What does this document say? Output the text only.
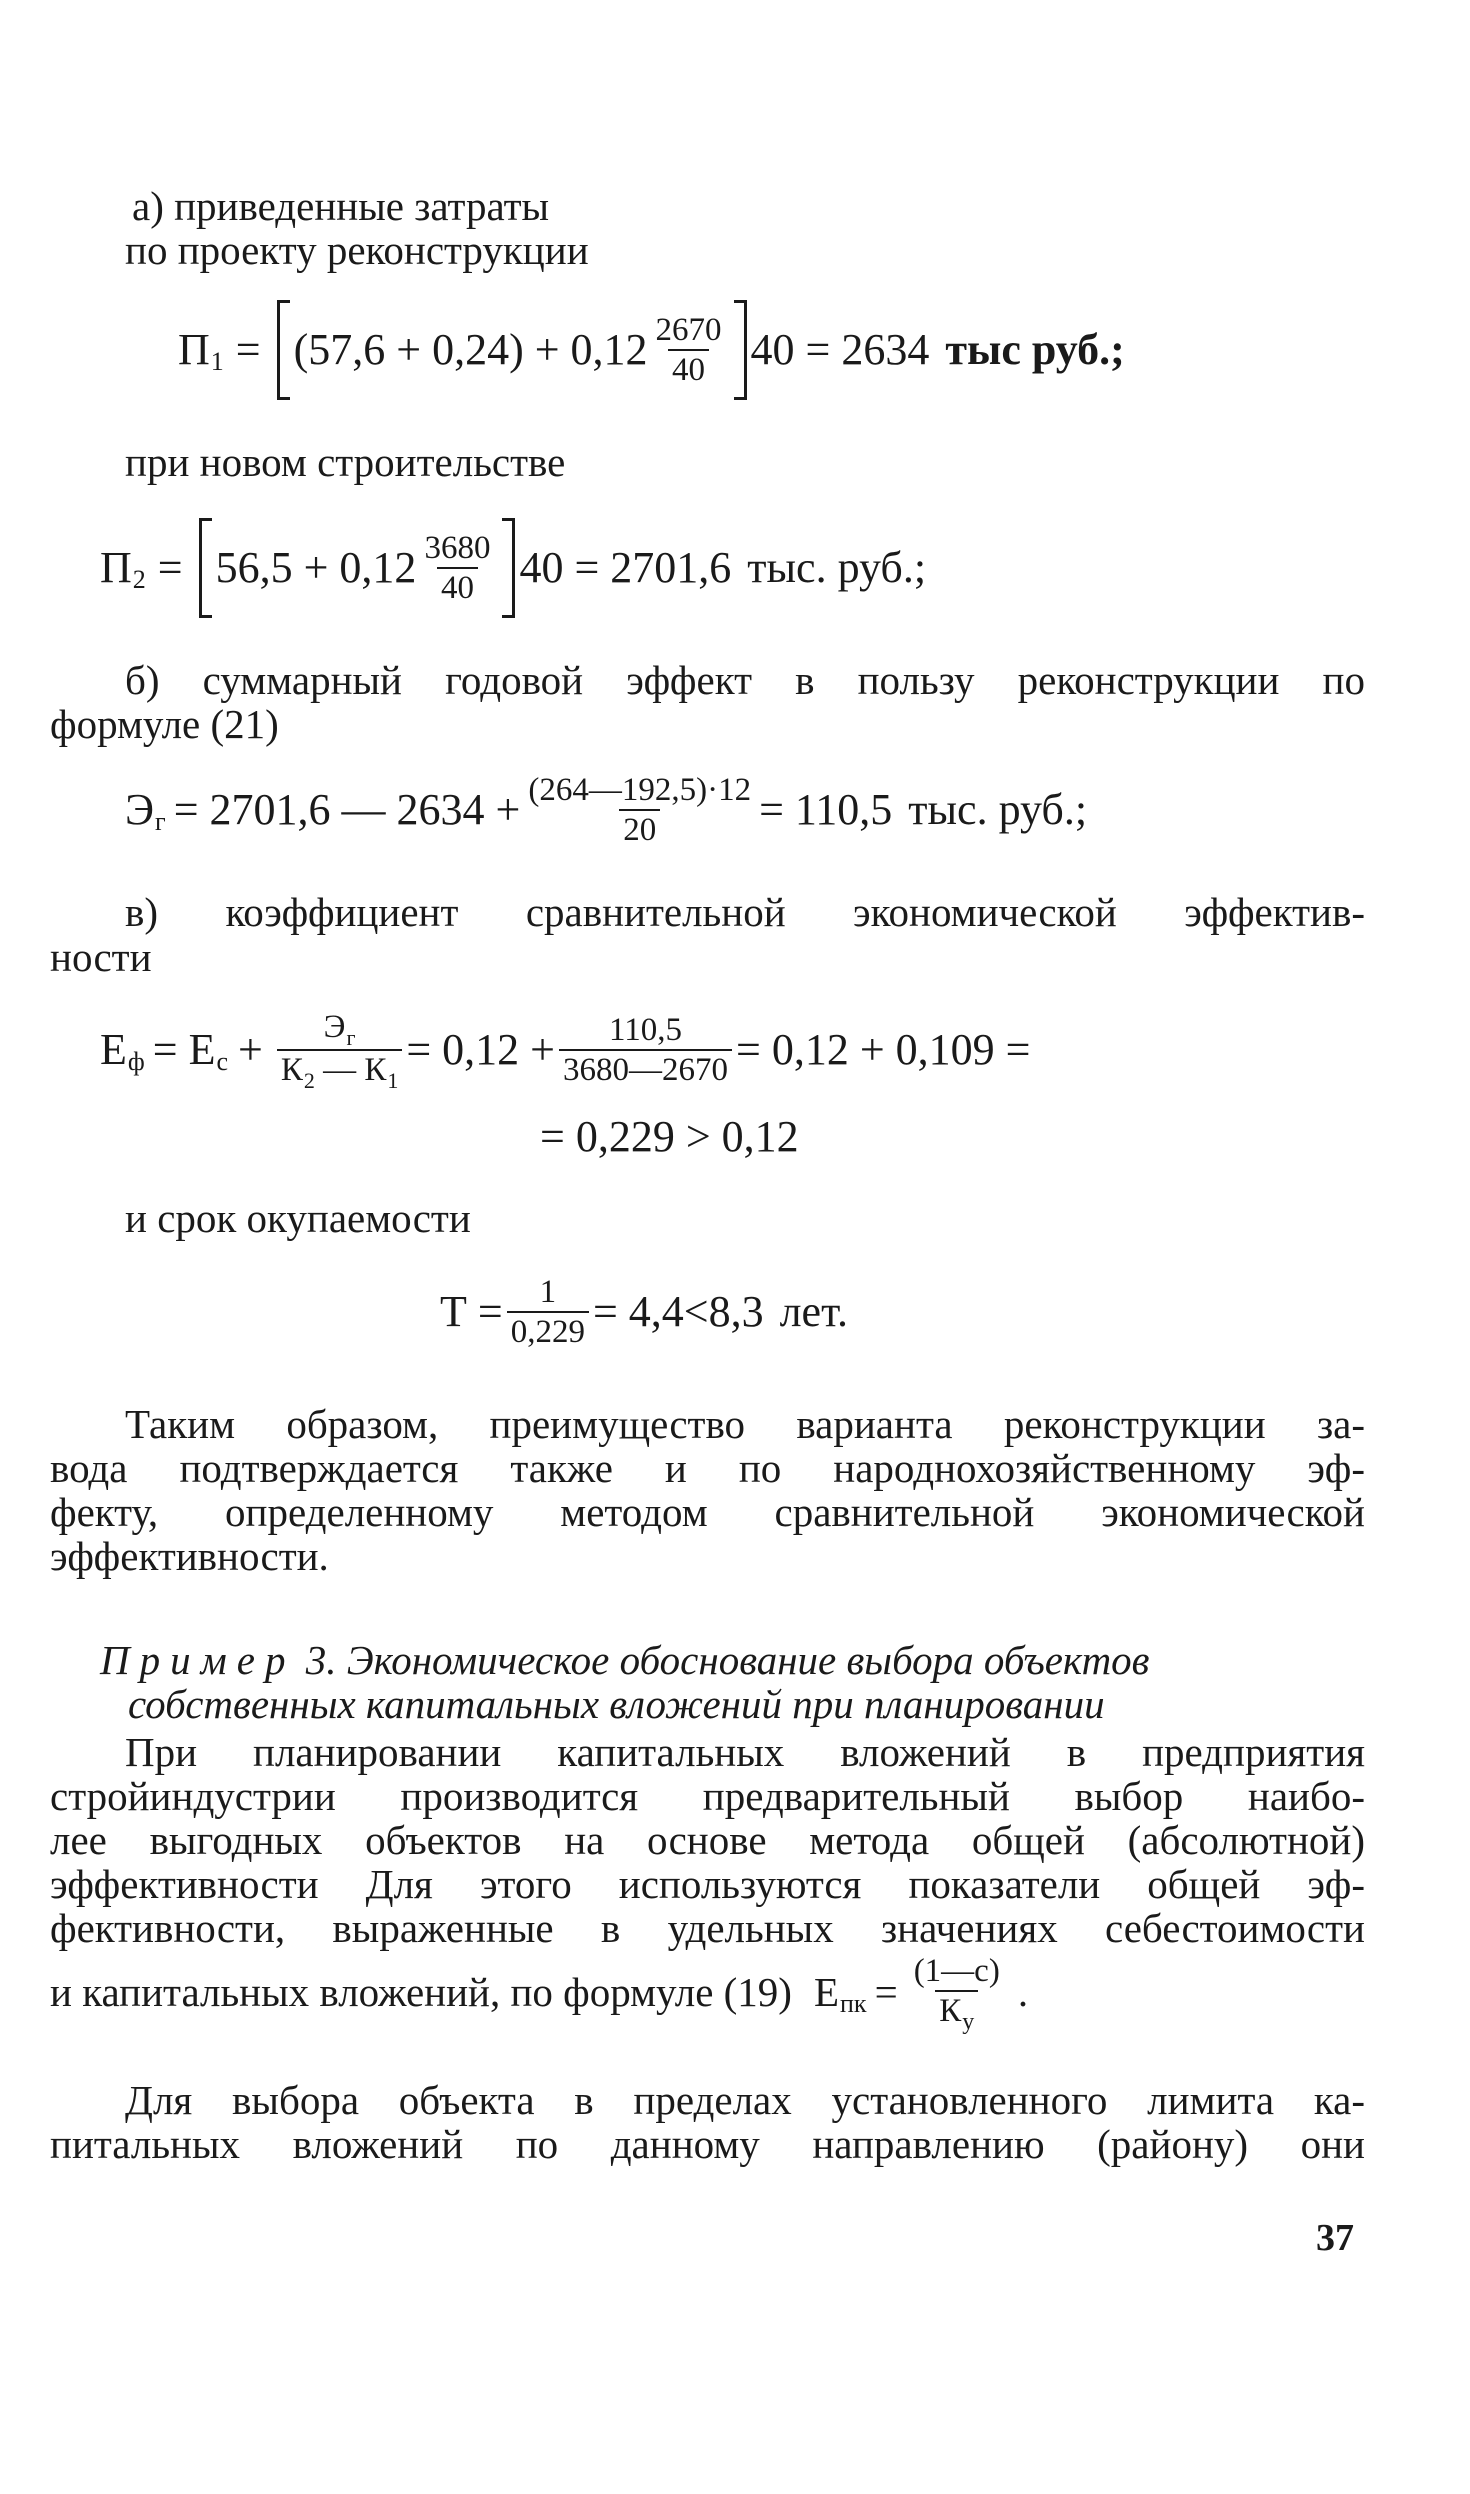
а) приведенные затраты
по проекту реконструкции
П $1 = (57,6 + 0,24) + 0,12 \frac{2670}{40} 40 = 2634$ тыс руб.;
при новом строительстве
П $2 = 56,5 + 0,12 \frac{3680}{40} 40 = 2701,6$ тыс. руб.;
б) суммарный годовой эффект в пользу реконструкции по
формуле (21)
Э г = 2701,6 — $2634 + \frac{(264—192,5)\cdot 12}{20} = 110,5$ тыс. руб.;
в) коэффициент сравнительной экономической эффектив-
ности
Е ф = Е $с + \frac{Э_г}{К_2 — К_1} = 0,12 + \frac{110,5}{3680—2670} = 0,12 + 0,109$ =
= 0,229 > 0,12
и срок окупаемости
$Т = \frac{1}{0,229} = 4,4<8,3$ лет.
Таким образом, преимущество варианта реконструкции за-
вода подтверждается также и по народнохозяйственному эф-
фекту, определенному методом сравнительной экономической
эффективности.
Пример 3. Экономическое обоснование выбора объектов
собственных капитальных вложений при планировании
При планировании капитальных вложений в предприятия
стройиндустрии производится предварительный выбор наибо-
лее выгодных объектов на основе метода общей (абсолютной)
эффективности Для этого используются показатели общей эф-
фективности, выраженные в удельных значениях себестоимости
и капитальных вложений, по формуле (19) Е пк = $\frac{(1—с)}{К_у}$ .
Для выбора объекта в пределах установленного лимита ка-
питальных вложений по данному направлению (району) они
37
